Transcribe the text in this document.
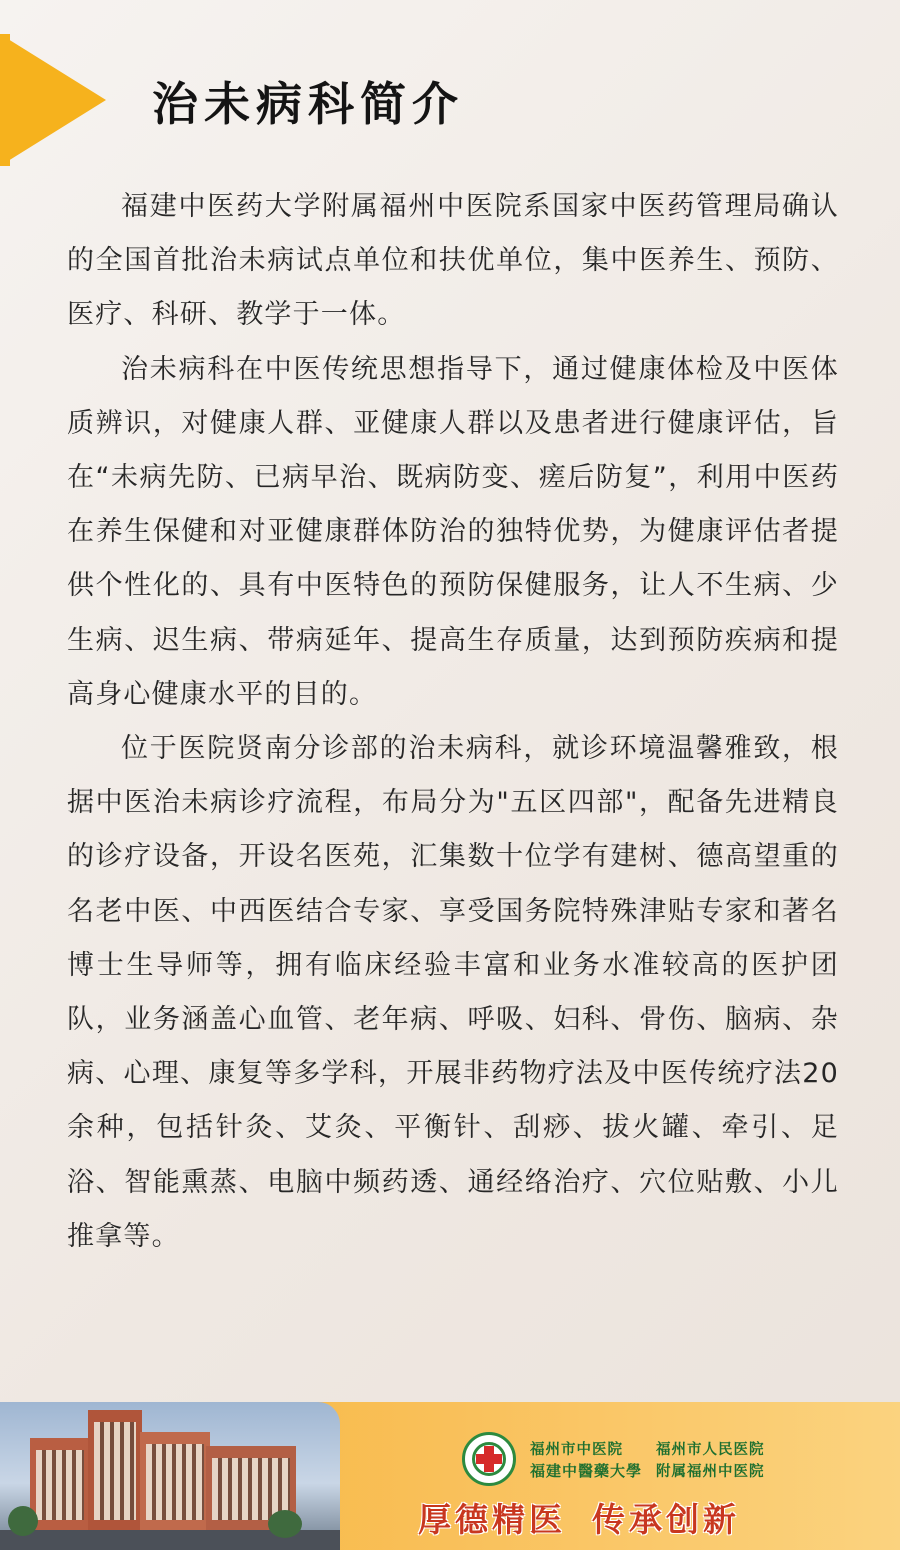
治未病科简介

福建中医药大学附属福州中医院系国家中医药管理局确认的全国首批治未病试点单位和扶优单位，集中医养生、预防、医疗、科研、教学于一体。

治未病科在中医传统思想指导下，通过健康体检及中医体质辨识，对健康人群、亚健康人群以及患者进行健康评估，旨在“未病先防、已病早治、既病防变、瘥后防复”，利用中医药在养生保健和对亚健康群体防治的独特优势，为健康评估者提供个性化的、具有中医特色的预防保健服务，让人不生病、少生病、迟生病、带病延年、提高生存质量，达到预防疾病和提高身心健康水平的目的。

位于医院贤南分诊部的治未病科，就诊环境温馨雅致，根据中医治未病诊疗流程，布局分为"五区四部"，配备先进精良的诊疗设备，开设名医苑，汇集数十位学有建树、德高望重的名老中医、中西医结合专家、享受国务院特殊津贴专家和著名博士生导师等，拥有临床经验丰富和业务水准较高的医护团队，业务涵盖心血管、老年病、呼吸、妇科、骨伤、脑病、杂病、心理、康复等多学科，开展非药物疗法及中医传统疗法20余种，包括针灸、艾灸、平衡针、刮痧、拔火罐、牵引、足浴、智能熏蒸、电脑中频药透、通经络治疗、穴位贴敷、小儿推拿等。

福州市中医院 福州市人民医院
福建中醫藥大學 附属福州中医院
厚德精医 传承创新
